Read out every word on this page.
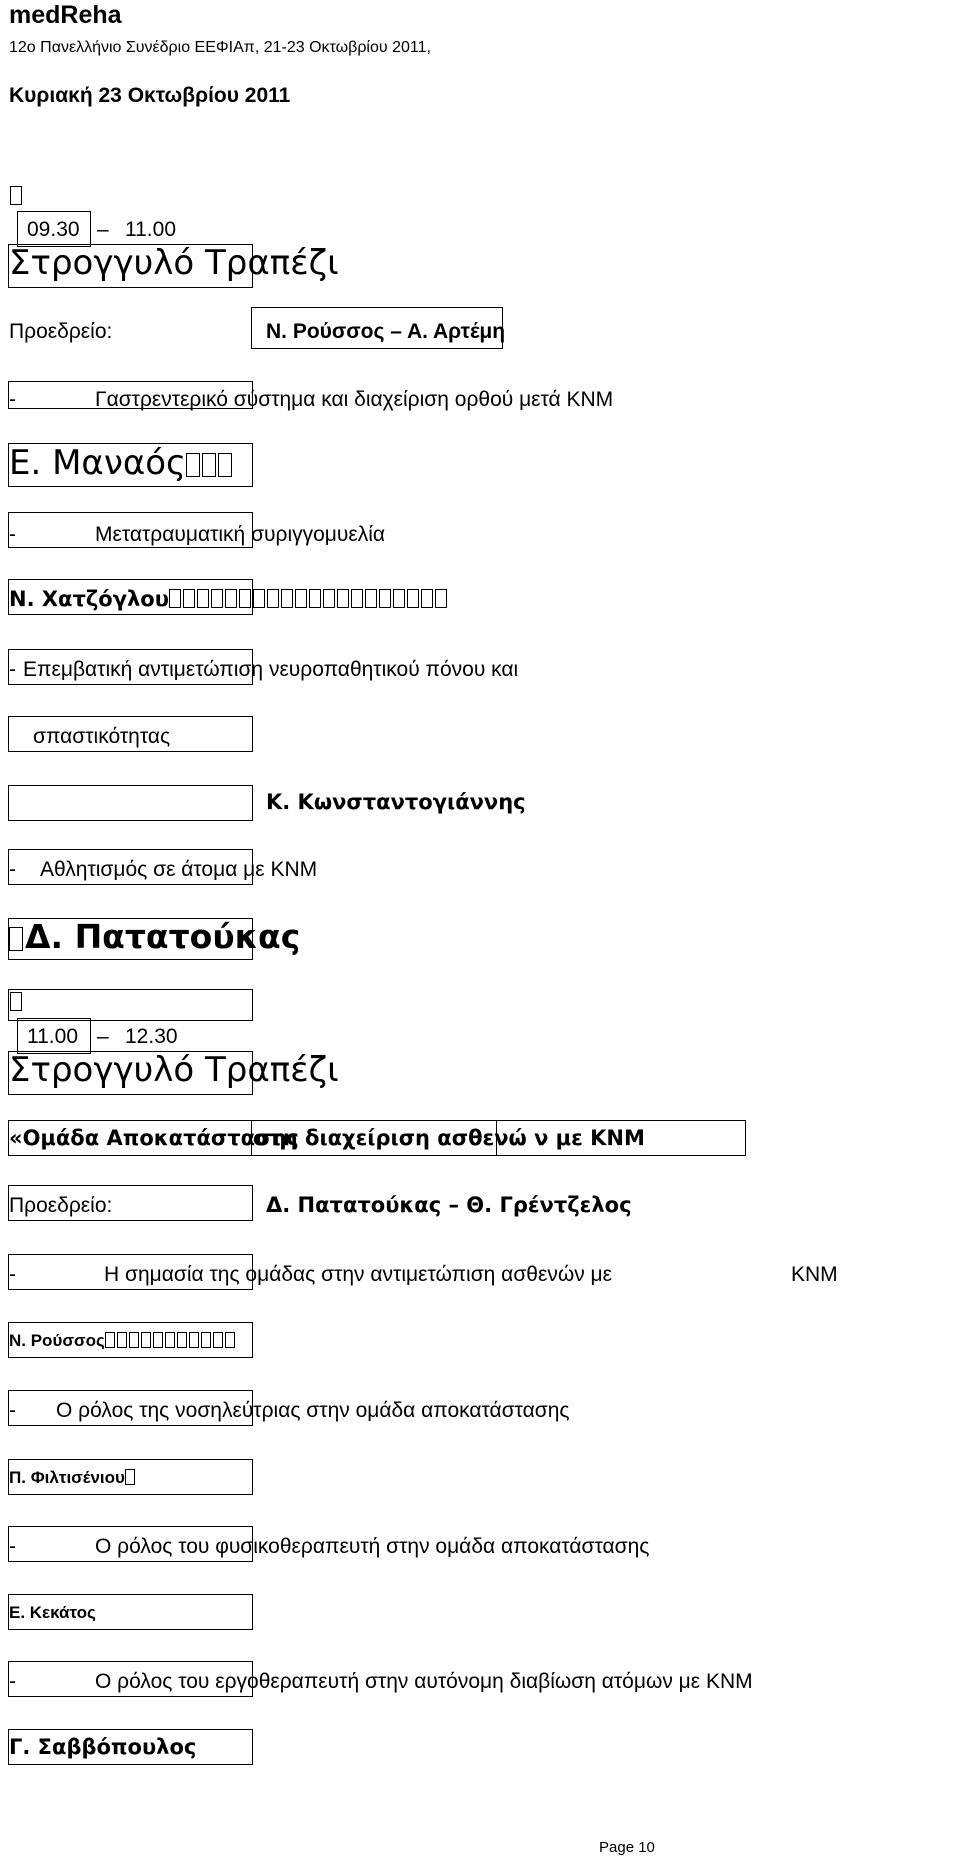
medReha
12ο Πανελλήνιο Συνέδριο ΕΕΦΙΑπ, 21-23 Οκτωβρίου 2011,
Κυριακή 23 Οκτωβρίου 2011
09.30 – 11.00
Στρογγυλό Τραπέζι
Προεδρείο:	Ν. Ρούσσος – Α. Αρτέμη
-	Γαστρεντερικό σύστημα και διαχείριση ορθού μετά ΚΝΜ
Ε. Μαναός
-	Μετατραυματική συριγγομυελία
Ν. Χατζόγλου
- Επεμβατική αντιμετώπιση νευροπαθητικού πόνου και
σπαστικότητας
Κ. Κωνσταντογιάννης
- Αθλητισμός σε άτομα με ΚΝΜ
Δ. Πατατούκας
11.00 – 12.30
Στρογγυλό Τραπέζι
«Ομάδα Αποκατάστασης
στη διαχείριση ασθενώ ν με ΚΝΜ
Προεδρείο:	Δ. Πατατούκας – Θ. Γρέντζελος
-	Η σημασία της ομάδας στην αντιμετώπιση ασθενών με	ΚΝΜ
Ν. Ρούσσος
- Ο ρόλος της νοσηλεύτριας στην ομάδα αποκατάστασης
Π. Φιλτισένιου
-	Ο ρόλος του φυσικοθεραπευτή στην ομάδα αποκατάστασης
Ε. Κεκάτος
-	Ο ρόλος του εργοθεραπευτή στην αυτόνομη διαβίωση ατόμων με ΚΝΜ
Γ. Σαββόπουλος
Page 10
